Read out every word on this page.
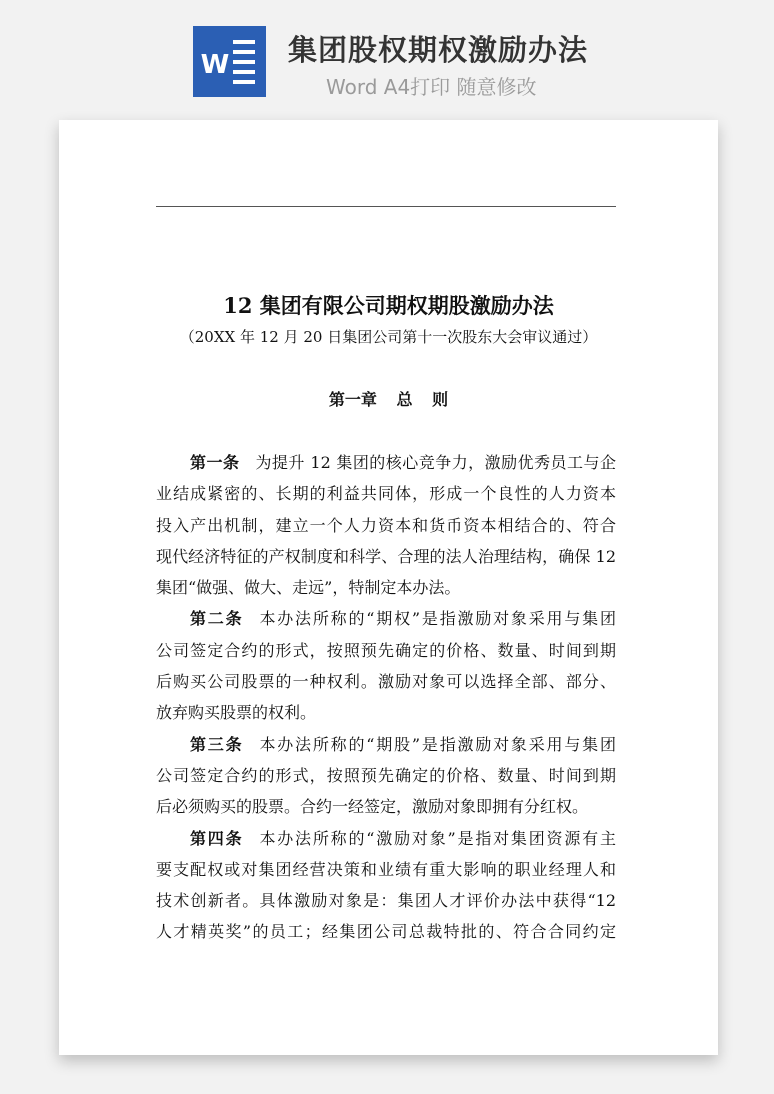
W 集团股权期权激励办法
Word A4打印 随意修改
12 集团有限公司期权期股激励办法
（20XX 年 12 月 20 日集团公司第十一次股东大会审议通过）
第一章 总 则
第一条 为提升 12 集团的核心竞争力，激励优秀员工与企
业结成紧密的、长期的利益共同体，形成一个良性的人力资本
投入产出机制，建立一个人力资本和货币资本相结合的、符合
现代经济特征的产权制度和科学、合理的法人治理结构，确保 12
集团“做强、做大、走远”，特制定本办法。
第二条 本办法所称的“期权”是指激励对象采用与集团
公司签定合约的形式，按照预先确定的价格、数量、时间到期
后购买公司股票的一种权利。激励对象可以选择全部、部分、
放弃购买股票的权利。
第三条 本办法所称的“期股”是指激励对象采用与集团
公司签定合约的形式，按照预先确定的价格、数量、时间到期
后必须购买的股票。合约一经签定，激励对象即拥有分红权。
第四条 本办法所称的“激励对象”是指对集团资源有主
要支配权或对集团经营决策和业绩有重大影响的职业经理人和
技术创新者。具体激励对象是：集团人才评价办法中获得“12
人才精英奖”的员工；经集团公司总裁特批的、符合合同约定
